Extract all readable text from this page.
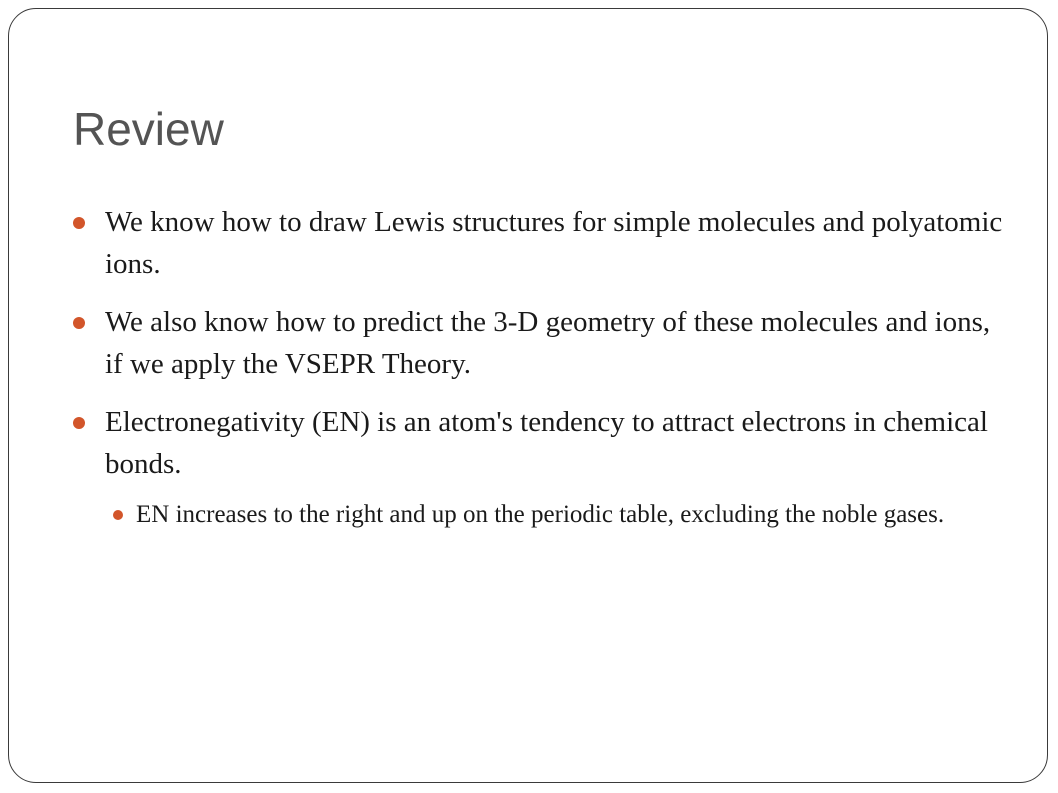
Review
We know how to draw Lewis structures for simple molecules and polyatomic ions.
We also know how to predict the 3-D geometry of these molecules and ions, if we apply the VSEPR Theory.
Electronegativity (EN) is an atom's tendency to attract electrons in chemical bonds.
EN increases to the right and up on the periodic table, excluding the noble gases.
